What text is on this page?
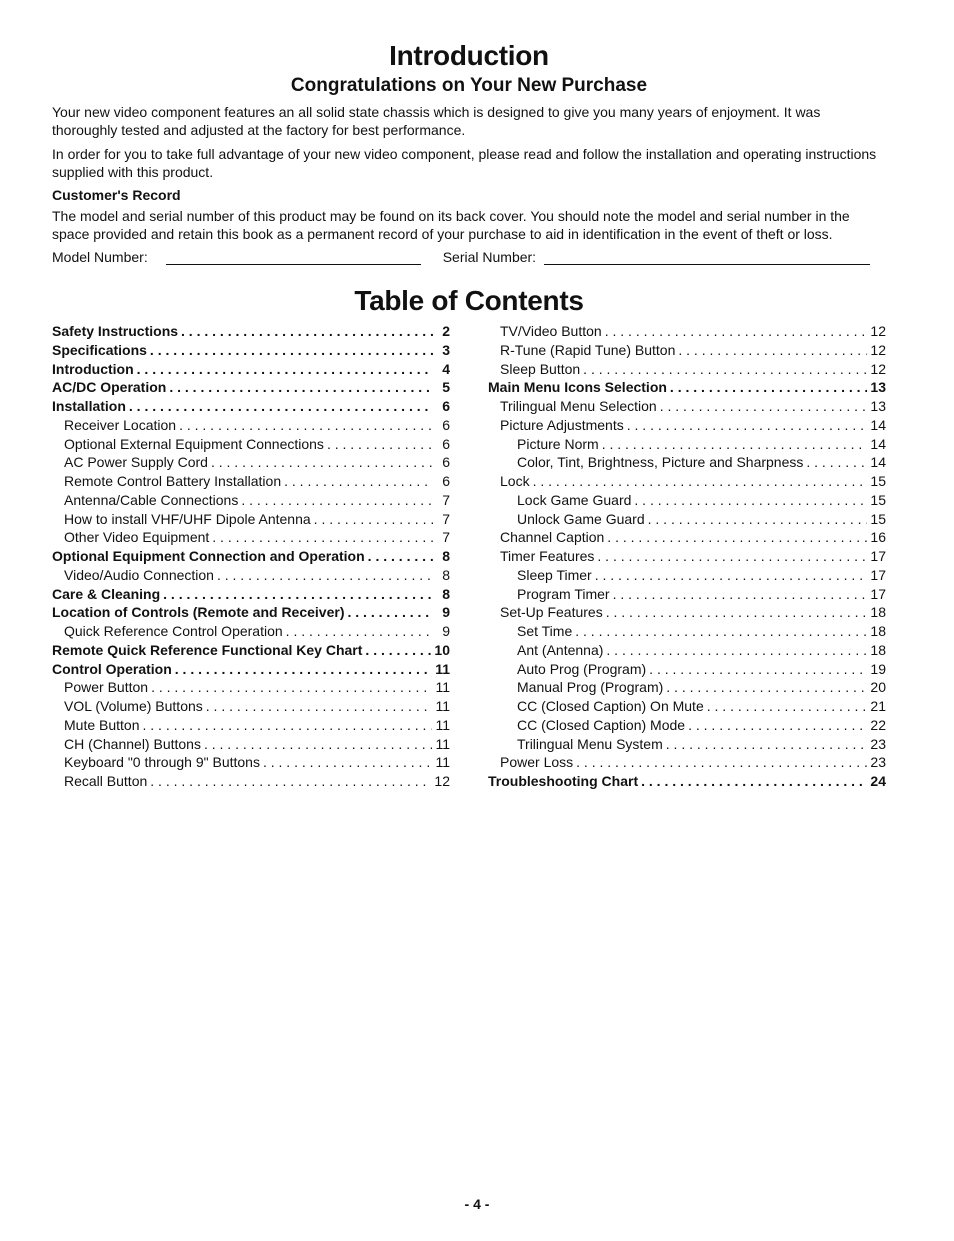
Introduction
Congratulations on Your New Purchase

Your new video component features an all solid state chassis which is designed to give you many years of enjoyment. It was thoroughly tested and adjusted at the factory for best performance.

In order for you to take full advantage of your new video component, please read and follow the installation and operating instructions supplied with this product.

Customer's Record

The model and serial number of this product may be found on its back cover. You should note the model and serial number in the space provided and retain this book as a permanent record of your purchase to aid in identification in the event of theft or loss.

Model Number:	Serial Number:
Table of Contents
Safety Instructions . . .	2
Specifications . . .	3
Introduction . . .	4
AC/DC Operation . . .	5
Installation . . .	6
Receiver Location . . .	6
Optional External Equipment Connections . . .	6
AC Power Supply Cord . . .	6
Remote Control Battery Installation . . .	6
Antenna/Cable Connections . . .	7
How to install VHF/UHF Dipole Antenna . . .	7
Other Video Equipment . . .	7
Optional Equipment Connection and Operation . . .	8
Video/Audio Connection . . .	8
Care & Cleaning . . .	8
Location of Controls (Remote and Receiver) . . .	9
Quick Reference Control Operation . . .	9
Remote Quick Reference Functional Key Chart . . .	10
Control Operation . . .	11
Power Button . . .	11
VOL (Volume) Buttons . . .	11
Mute Button . . .	11
CH (Channel) Buttons . . .	11
Keyboard "0 through 9" Buttons . . .	11
Recall Button . . .	12
TV/Video Button . . .	12
R-Tune (Rapid Tune) Button . . .	12
Sleep Button . . .	12
Main Menu Icons Selection . . .	13
Trilingual Menu Selection . . .	13
Picture Adjustments . . .	14
Picture Norm . . .	14
Color, Tint, Brightness, Picture and Sharpness . . .	14
Lock . . .	15
Lock Game Guard . . .	15
Unlock Game Guard . . .	15
Channel Caption . . .	16
Timer Features . . .	17
Sleep Timer . . .	17
Program Timer . . .	17
Set-Up Features . . .	18
Set Time . . .	18
Ant (Antenna) . . .	18
Auto Prog (Program) . . .	19
Manual Prog (Program) . . .	20
CC (Closed Caption) On Mute . . .	21
CC (Closed Caption) Mode . . .	22
Trilingual Menu System . . .	23
Power Loss . . .	23
Troubleshooting Chart . . .	24
- 4 -
